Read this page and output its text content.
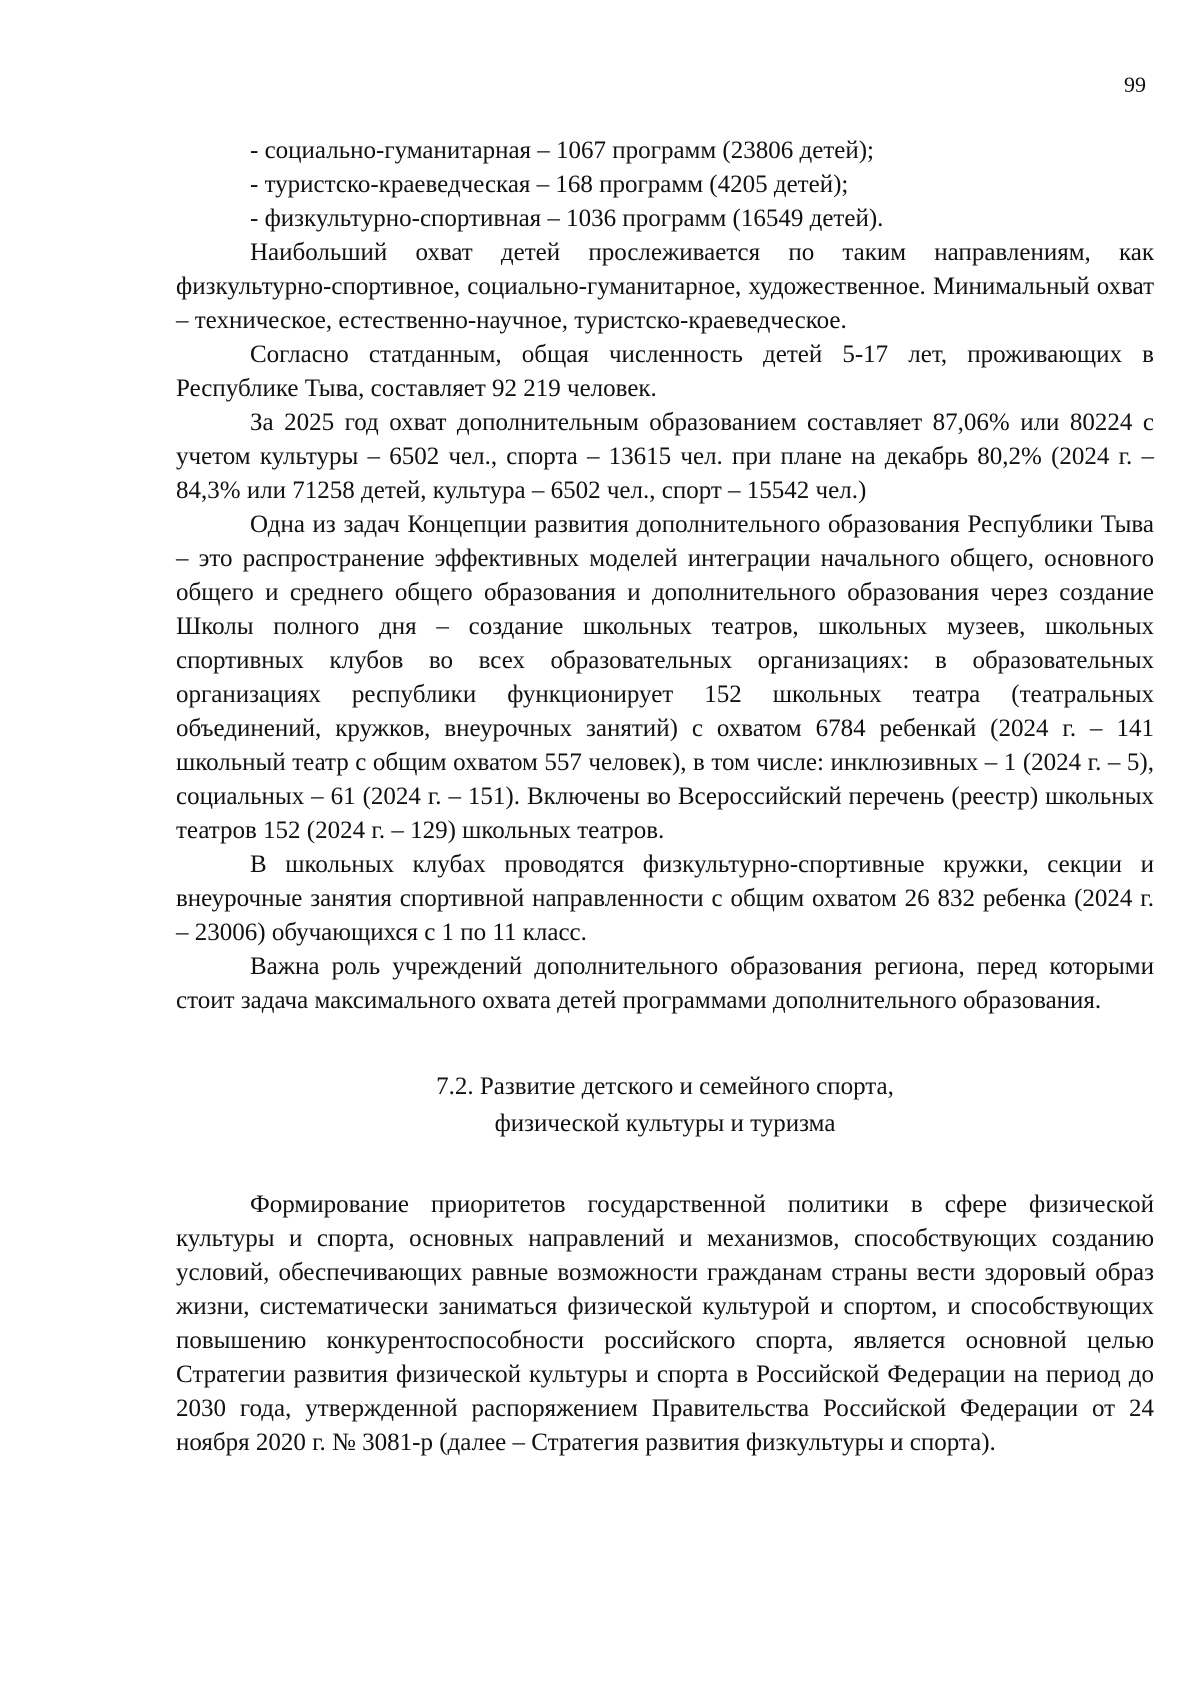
99

- социально-гуманитарная – 1067 программ (23806 детей);

- туристско-краеведческая – 168 программ (4205 детей);

- физкультурно-спортивная – 1036 программ (16549 детей).

Наибольший охват детей прослеживается по таким направлениям, как физкультурно-спортивное, социально-гуманитарное, художественное. Минимальный охват – техническое, естественно-научное, туристско-краеведческое.

Согласно статданным, общая численность детей 5-17 лет, проживающих в Республике Тыва, составляет 92 219 человек.

За 2025 год охват дополнительным образованием составляет 87,06% или 80224 с учетом культуры – 6502 чел., спорта – 13615 чел. при плане на декабрь 80,2% (2024 г. – 84,3% или 71258 детей, культура – 6502 чел., спорт – 15542 чел.)

Одна из задач Концепции развития дополнительного образования Республики Тыва – это распространение эффективных моделей интеграции начального общего, основного общего и среднего общего образования и дополнительного образования через создание Школы полного дня – создание школьных театров, школьных музеев, школьных спортивных клубов во всех образовательных организациях: в образовательных организациях республики функционирует 152 школьных театра (театральных объединений, кружков, внеурочных занятий) с охватом 6784 ребенкай (2024 г. – 141 школьный театр с общим охватом 557 человек), в том числе: инклюзивных – 1 (2024 г. – 5), социальных – 61 (2024 г. – 151). Включены во Всероссийский перечень (реестр) школьных театров 152 (2024 г. – 129) школьных театров.

В школьных клубах проводятся физкультурно-спортивные кружки, секции и внеурочные занятия спортивной направленности с общим охватом 26 832 ребенка (2024 г. – 23006) обучающихся с 1 по 11 класс.

Важна роль учреждений дополнительного образования региона, перед которыми стоит задача максимального охвата детей программами дополнительного образования.

7.2. Развитие детского и семейного спорта,
физической культуры и туризма

Формирование приоритетов государственной политики в сфере физической культуры и спорта, основных направлений и механизмов, способствующих созданию условий, обеспечивающих равные возможности гражданам страны вести здоровый образ жизни, систематически заниматься физической культурой и спортом, и способствующих повышению конкурентоспособности российского спорта, является основной целью Стратегии развития физической культуры и спорта в Российской Федерации на период до 2030 года, утвержденной распоряжением Правительства Российской Федерации от 24 ноября 2020 г. № 3081-р (далее – Стратегия развития физкультуры и спорта).
